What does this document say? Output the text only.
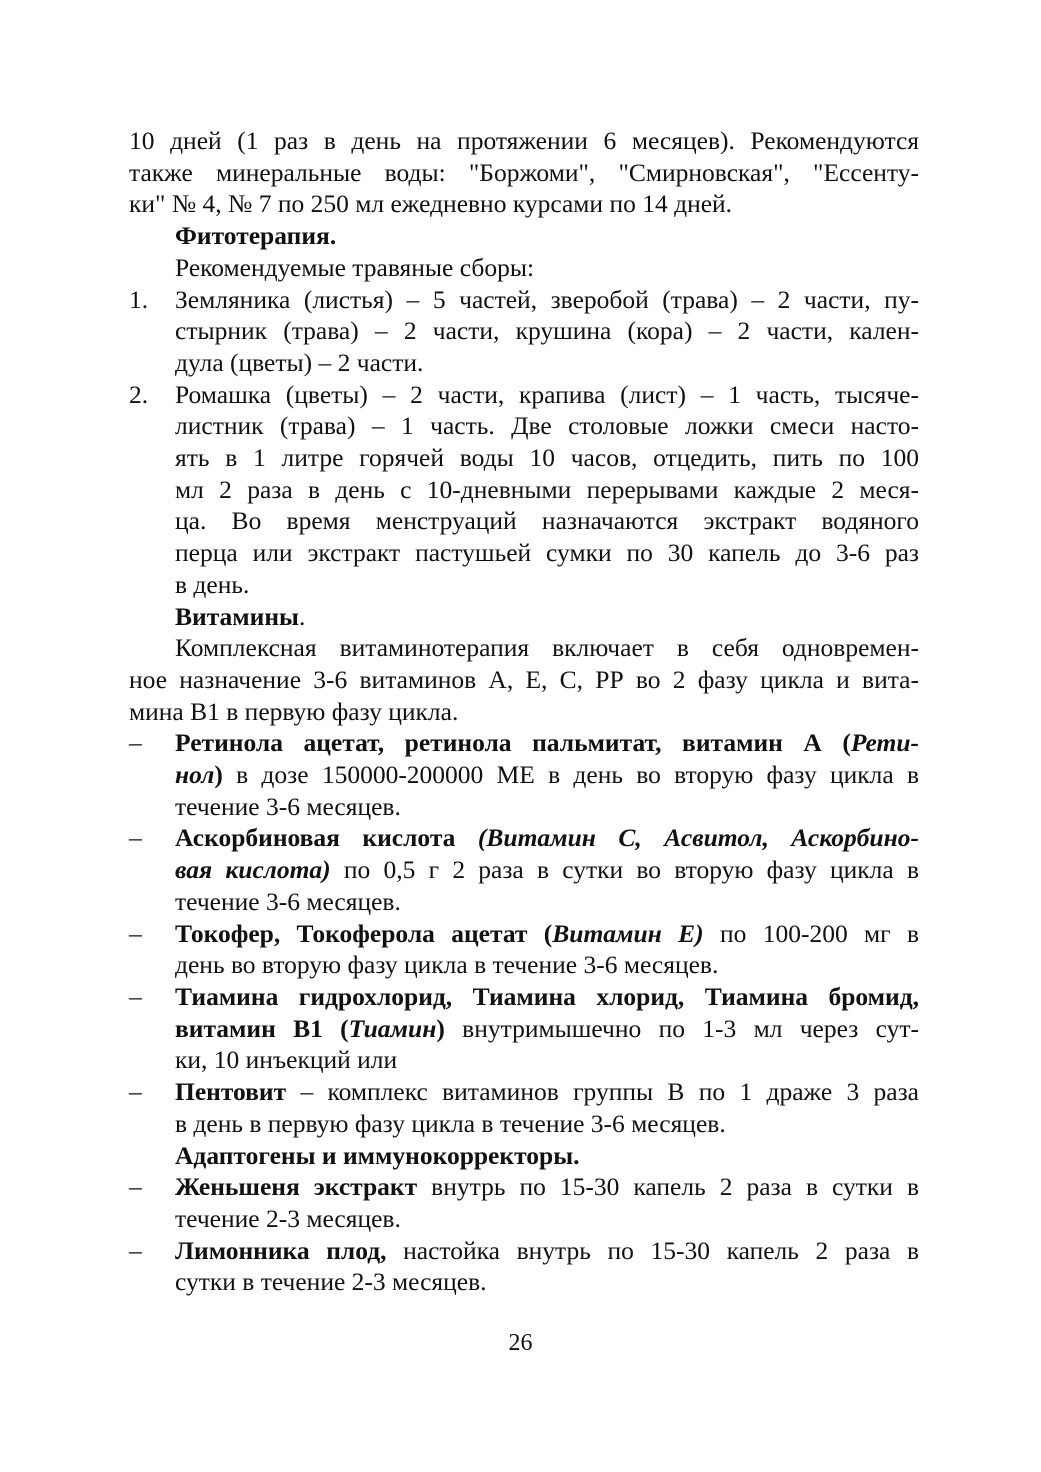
10 дней (1 раз в день на протяжении 6 месяцев). Рекомендуются
также минеральные воды: "Боржоми", "Смирновская", "Ессенту-
ки" № 4, № 7 по 250 мл ежедневно курсами по 14 дней.
Фитотерапия.
Рекомендуемые травяные сборы:
1. Земляника (листья) – 5 частей, зверобой (трава) – 2 части, пу-
стырник (трава) – 2 части, крушина (кора) – 2 части, кален-
дула (цветы) – 2 части.
2. Ромашка (цветы) – 2 части, крапива (лист) – 1 часть, тысяче-
листник (трава) – 1 часть. Две столовые ложки смеси насто-
ять в 1 литре горячей воды 10 часов, отцедить, пить по 100
мл 2 раза в день с 10-дневными перерывами каждые 2 меся-
ца. Во время менструаций назначаются экстракт водяного
перца или экстракт пастушьей сумки по 30 капель до 3-6 раз
в день.
Витамины.
Комплексная витаминотерапия включает в себя одновремен-
ное назначение 3-6 витаминов А, Е, С, РР во 2 фазу цикла и вита-
мина В1 в первую фазу цикла.
– Ретинола ацетат, ретинола пальмитат, витамин А (Рети-
нол) в дозе 150000-200000 МЕ в день во вторую фазу цикла в
течение 3-6 месяцев.
– Аскорбиновая кислота (Витамин С, Асвитол, Аскорбино-
вая кислота) по 0,5 г 2 раза в сутки во вторую фазу цикла в
течение 3-6 месяцев.
– Токофер, Токоферола ацетат (Витамин Е) по 100-200 мг в
день во вторую фазу цикла в течение 3-6 месяцев.
– Тиамина гидрохлорид, Тиамина хлорид, Тиамина бромид,
витамин В1 (Тиамин) внутримышечно по 1-3 мл через сут-
ки, 10 инъекций или
– Пентовит – комплекс витаминов группы В по 1 драже 3 раза
в день в первую фазу цикла в течение 3-6 месяцев.
Адаптогены и иммунокорректоры.
– Женьшеня экстракт внутрь по 15-30 капель 2 раза в сутки в
течение 2-3 месяцев.
– Лимонника плод, настойка внутрь по 15-30 капель 2 раза в
сутки в течение 2-3 месяцев.
26
